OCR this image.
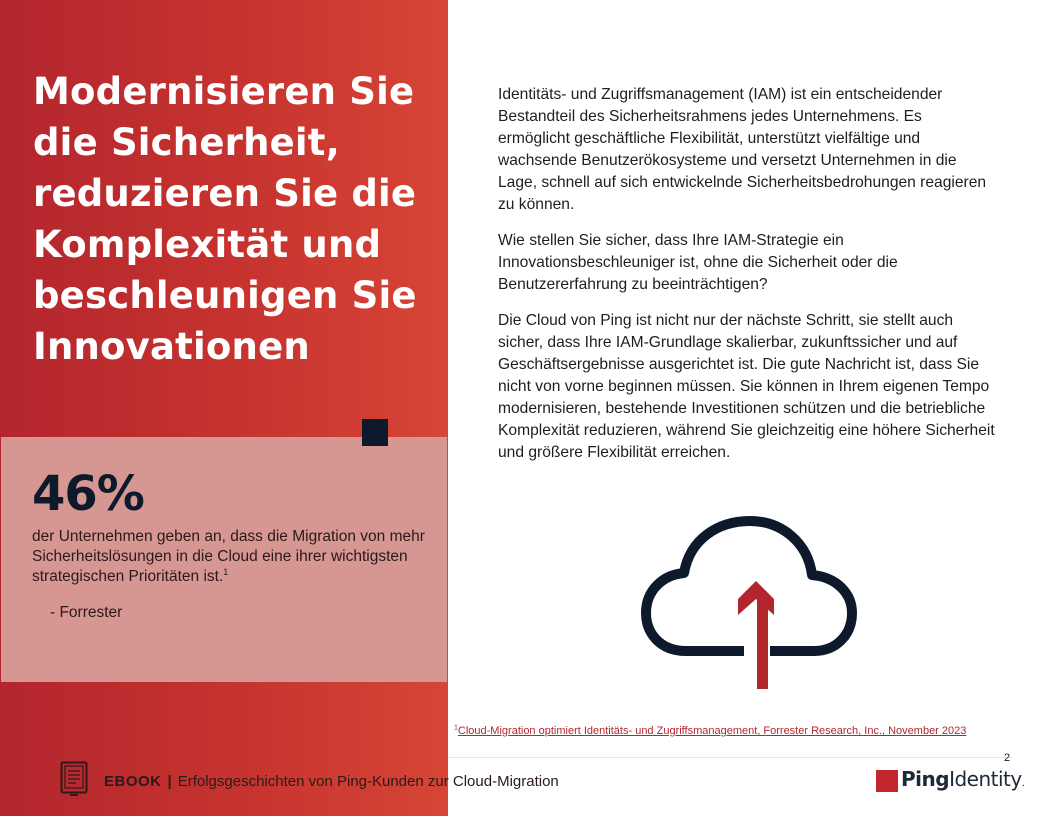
Modernisieren Sie die Sicherheit, reduzieren Sie die Komplexität und beschleunigen Sie Innovationen
46%
der Unternehmen geben an, dass die Migration von mehr Sicherheitslösungen in die Cloud eine ihrer wichtigsten strategischen Prioritäten ist.$^1$
- Forrester

Identitäts- und Zugriffsmanagement (IAM) ist ein entscheidender Bestandteil des Sicherheitsrahmens jedes Unternehmens. Es ermöglicht geschäftliche Flexibilität, unterstützt vielfältige und wachsende Benutzerökosysteme und versetzt Unternehmen in die Lage, schnell auf sich entwickelnde Sicherheitsbedrohungen reagieren zu können.

Wie stellen Sie sicher, dass Ihre IAM-Strategie ein Innovationsbeschleuniger ist, ohne die Sicherheit oder die Benutzererfahrung zu beeinträchtigen?

Die Cloud von Ping ist nicht nur der nächste Schritt, sie stellt auch sicher, dass Ihre IAM-Grundlage skalierbar, zukunftssicher und auf Geschäftsergebnisse ausgerichtet ist. Die gute Nachricht ist, dass Sie nicht von vorne beginnen müssen. Sie können in Ihrem eigenen Tempo modernisieren, bestehende Investitionen schützen und die betriebliche Komplexität reduzieren, während Sie gleichzeitig eine höhere Sicherheit und größere Flexibilität erreichen.

$^1$Cloud-Migration optimiert Identitäts- und Zugriffsmanagement, Forrester Research, Inc., November 2023
2
EBOOK | Erfolgsgeschichten von Ping-Kunden zur Cloud-Migration	PingIdentity.
